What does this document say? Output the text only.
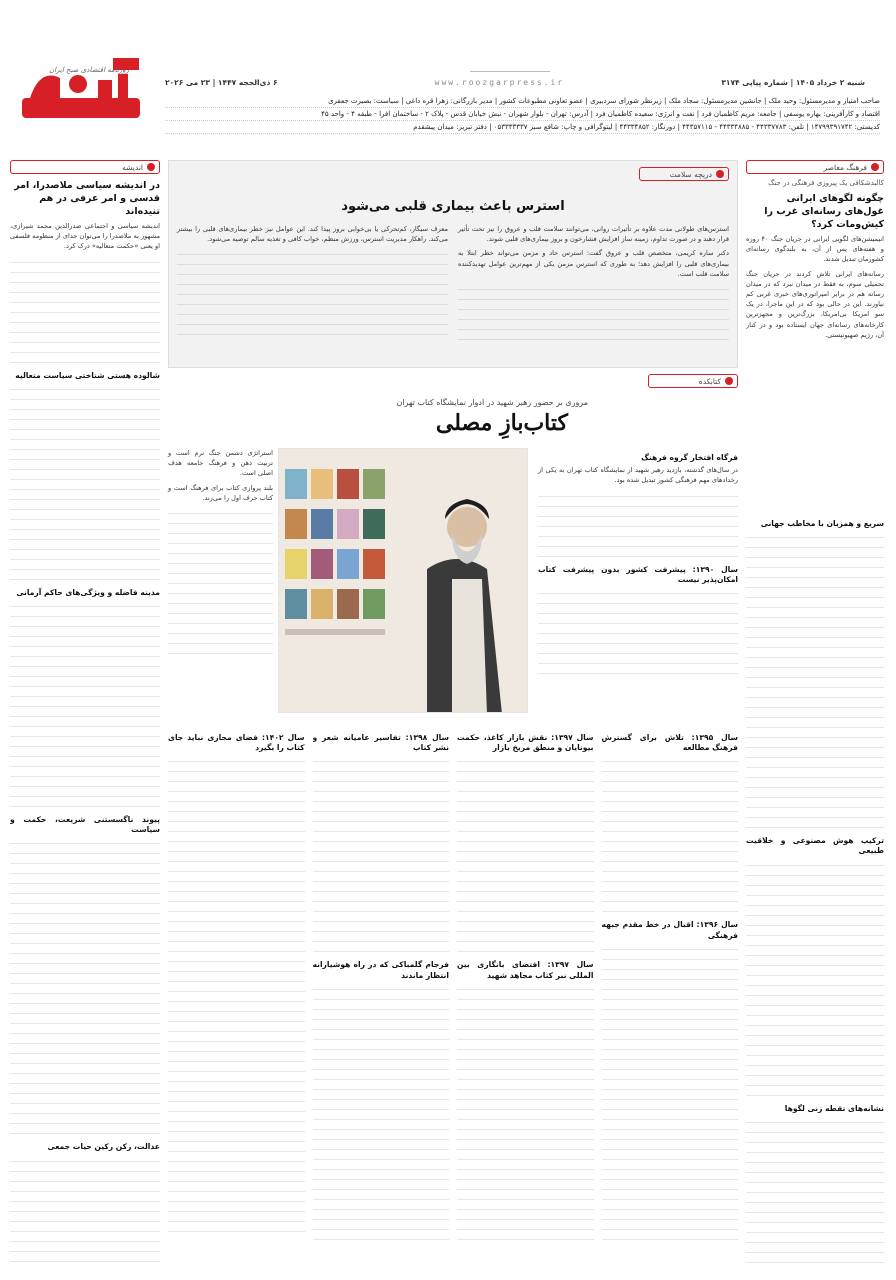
روزنامه اقتصادی صبح ایران
شنبه ۲ خرداد ۱۴۰۵ | شماره پیاپی ۳۱۷۴
www.roozgarpress.ir
۶ ذی‌الحجه ۱۴۴۷ | ۲۳ می ۲۰۲۶
صاحب امتیاز و مدیرمسئول: وحید ملک | جانشین مدیرمسئول: سجاد ملک | زیرنظر شورای سردبیری | عضو تعاونی مطبوعات کشور | مدیر بازرگانی: زهرا قره داغی | سیاست: بصیرت جعفری
اقتصاد و کارآفرینی: بهاره یوسفی | جامعه: مریم کاظمیان فرد | نفت و انرژی: سعیده کاظمیان فرد | آدرس: تهران - بلوار شهران - نبش خیابان قدس - پلاک ۲ - ساختمان افرا - طبقه ۴ - واحد ۴۵
کدپستی: ۱۴۷۹۹۳۹۱۷۴۲ | تلفن: ۴۴۳۳۷۷۸۳ - ۴۴۳۳۴۸۸۵ - ۴۴۳۵۷۱۱۵ | دورنگار: ۴۴۳۳۴۸۵۲ | لیتوگرافی و چاپ: شافع سبز ۰۵۳۳۳۳۳۳۷ | دفتر تبریز: میدان پیشقدم
فرهنگ معاصر
کالبدشکافی یک پیروزی فرهنگی در جنگ
چگونه لگوهای ایرانی غول‌های رسانه‌ای غرب را کیش‌ومات کرد؟

انیمیشن‌های لگویی ایرانی در جریان جنگ ۴۰ روزه و هفته‌های پس از آن، به بلندگوی رسانه‌ای کشورمان تبدیل شدند.

رسانه‌های ایرانی تلاش کردند در جریان جنگ تحمیلی سوم، به فقط در میدان نبرد که در میدان رسانه هم در برابر امپراتوری‌های خبری غربی کم نیاورند. این در حالی بود که در این ماجرا، در یک سو امریکا بی‌امریکا، بزرگ‌ترین و مجهزترین کارخانه‌های رسانه‌ای جهان ایستاده بود و در کنار آن، رژیم صهیونیستی.

سریع و همزبان با مخاطب جهانی

ترکیب هوش مصنوعی و خلاقیت طبیعی

نشانه‌های تقطه زنی لگوها

اندیشه
در اندیشه سیاسی ملاصدرا، امر قدسی و امر عرفی در هم تنیده‌اند

اندیشه سیاسی و اجتماعی صدرالدین محمد شیرازی، مشهور به ملاصدرا را می‌توان جدای از منظومه فلسفی او یعنی «حکمت متعالیه» درک کرد.

شالوده هستی شناختی سیاست متعالیه

مدینه فاضله و ویژگی‌های حاکم آرمانی

پیوند ناگسستنی شریعت، حکمت و سیاست

عدالت، رکن رکین حیات جمعی

دریچه سلامت
استرس باعث بیماری قلبی می‌شود

استرس‌های طولانی مدت علاوه بر تأثیرات روانی، می‌توانند سلامت قلب و عروق را نیز تحت تأثیر قرار دهند و در صورت تداوم، زمینه ساز افزایش فشارخون و بروز بیماری‌های قلبی شوند.

دکتر ساره کریمی، متخصص قلب و عروق گفت: استرس حاد و مزمن می‌تواند خطر ابتلا به بیماری‌های قلبی را افزایش دهد؛ به طوری که استرس مزمن یکی از مهم‌ترین عوامل تهدیدکننده سلامت قلب است.

معرف سیگار، کم‌تحرکی یا بی‌خوابی بروز پیدا کند. این عوامل نیز خطر بیماری‌های قلبی را بیشتر می‌کند. راهکار مدیریت استرس، ورزش منظم، خواب کافی و تغذیه سالم توصیه می‌شود.

کتابکده
مروری بر حضور رهبر شهید در ادوار نمایشگاه کتاب تهران
کتاب‌بازِ مصلی
فرگاه افتخار گروه فرهنگ

در سال‌های گذشته، بازدید رهبر شهید از نمایشگاه کتاب تهران به یکی از رخدادهای مهم فرهنگی کشور تبدیل شده بود.

سال ۱۳۹۰: پیشرفت کشور بدون پیشرفت کتاب امکان‌پذیر نیست

استراتژی دشمن جنگ نرم است و تربیت ذهن و فرهنگ جامعه هدف اصلی است.

بلند پروازی کتاب برای فرهنگ است و کتاب حرف اول را می‌زند.

سال ۱۳۹۵: تلاش برای گسترش فرهنگ مطالعه

سال ۱۳۹۶: اقبال در خط مقدم جبهه فرهنگی

سال ۱۳۹۷: نقش بازار کاغذ، حکمت بیونایان و منطق مریخ بازار

سال ۱۳۹۷: افتضای بانگاری بین المللی نبر کتاب مجاهد شهید

سال ۱۳۹۸: تفاسیر عامیانه شعر و نشر کتاب

فرجام گلمباکی که در راه هوشیارانه انتظار ماندند

سال ۱۴۰۲: فضای مجازی نباید جای کتاب را بگیرد
